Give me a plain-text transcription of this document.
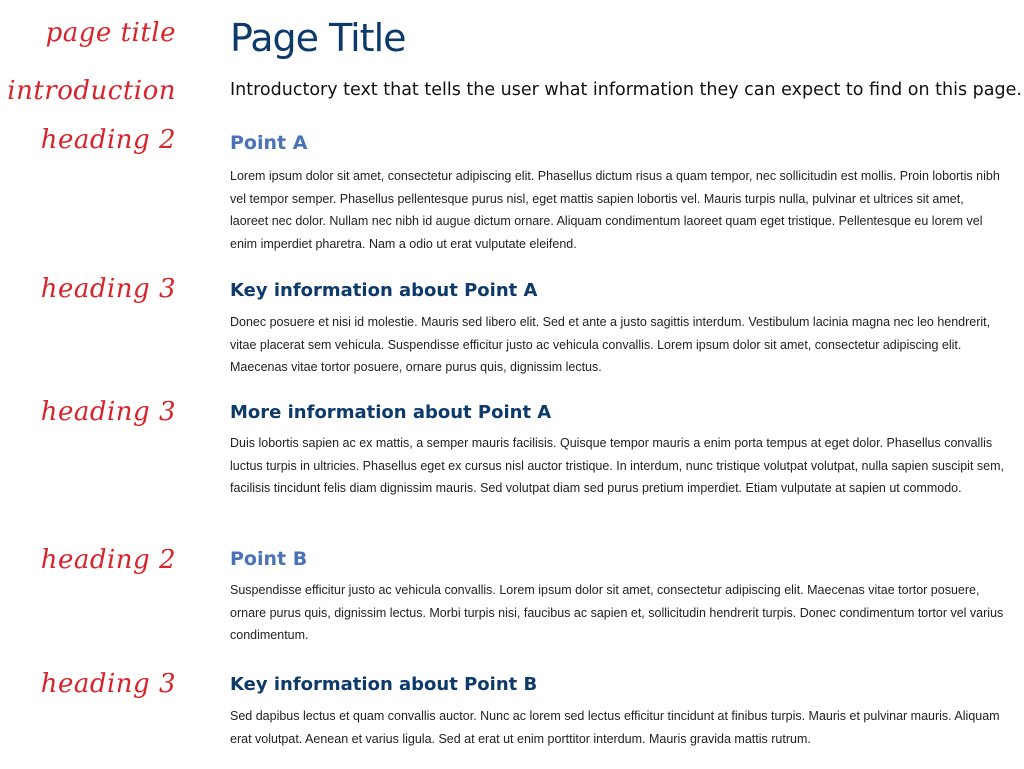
page title
introduction
heading 2
heading 3
heading 3
heading 2
heading 3
Page Title

Introductory text that tells the user what information they can expect to find on this page.

Point A

Lorem ipsum dolor sit amet, consectetur adipiscing elit. Phasellus dictum risus a quam tempor, nec sollicitudin est mollis. Proin lobortis nibh vel tempor semper. Phasellus pellentesque purus nisl, eget mattis sapien lobortis vel. Mauris turpis nulla, pulvinar et ultrices sit amet, laoreet nec dolor. Nullam nec nibh id augue dictum ornare. Aliquam condimentum laoreet quam eget tristique. Pellentesque eu lorem vel enim imperdiet pharetra. Nam a odio ut erat vulputate eleifend.

Key information about Point A

Donec posuere et nisi id molestie. Mauris sed libero elit. Sed et ante a justo sagittis interdum. Vestibulum lacinia magna nec leo hendrerit, vitae placerat sem vehicula. Suspendisse efficitur justo ac vehicula convallis. Lorem ipsum dolor sit amet, consectetur adipiscing elit. Maecenas vitae tortor posuere, ornare purus quis, dignissim lectus.

More information about Point A

Duis lobortis sapien ac ex mattis, a semper mauris facilisis. Quisque tempor mauris a enim porta tempus at eget dolor. Phasellus convallis luctus turpis in ultricies. Phasellus eget ex cursus nisl auctor tristique. In interdum, nunc tristique volutpat volutpat, nulla sapien suscipit sem, facilisis tincidunt felis diam dignissim mauris. Sed volutpat diam sed purus pretium imperdiet. Etiam vulputate at sapien ut commodo.

Point B

Suspendisse efficitur justo ac vehicula convallis. Lorem ipsum dolor sit amet, consectetur adipiscing elit. Maecenas vitae tortor posuere, ornare purus quis, dignissim lectus. Morbi turpis nisi, faucibus ac sapien et, sollicitudin hendrerit turpis. Donec condimentum tortor vel varius condimentum.

Key information about Point B

Sed dapibus lectus et quam convallis auctor. Nunc ac lorem sed lectus efficitur tincidunt at finibus turpis. Mauris et pulvinar mauris. Aliquam erat volutpat. Aenean et varius ligula. Sed at erat ut enim porttitor interdum. Mauris gravida mattis rutrum.
